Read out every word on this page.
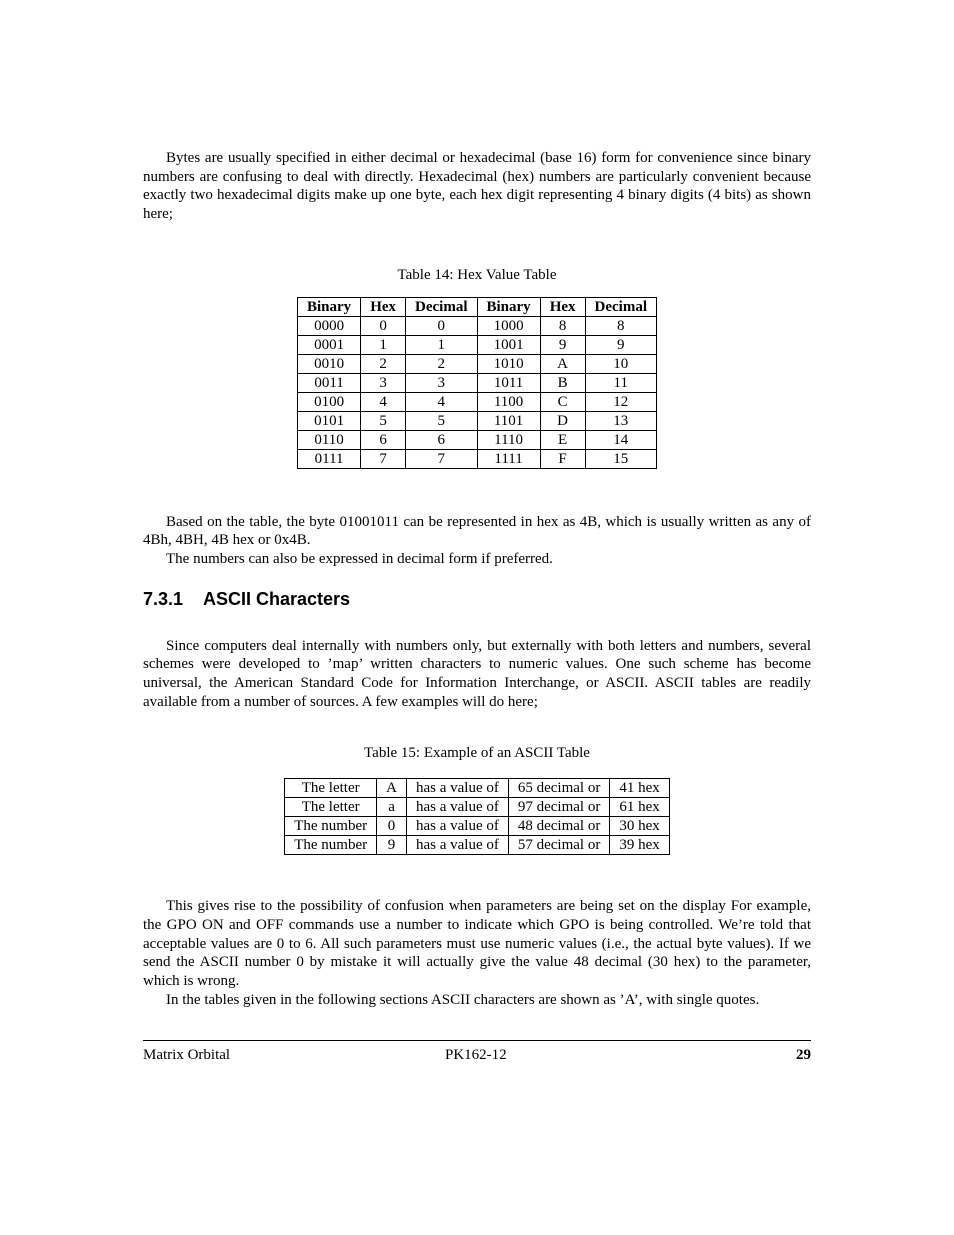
Bytes are usually specified in either decimal or hexadecimal (base 16) form for convenience since binary numbers are confusing to deal with directly. Hexadecimal (hex) numbers are particularly convenient because exactly two hexadecimal digits make up one byte, each hex digit representing 4 binary digits (4 bits) as shown here;

Table 14: Hex Value Table
Binary	Hex	Decimal	Binary	Hex	Decimal
0000	0	0	1000	8	8
0001	1	1	1001	9	9
0010	2	2	1010	A	10
0011	3	3	1011	B	11
0100	4	4	1100	C	12
0101	5	5	1101	D	13
0110	6	6	1110	E	14
0111	7	7	1111	F	15

Based on the table, the byte 01001011 can be represented in hex as 4B, which is usually written as any of 4Bh, 4BH, 4B hex or 0x4B.

The numbers can also be expressed in decimal form if preferred.

7.3.1 ASCII Characters

Since computers deal internally with numbers only, but externally with both letters and numbers, several schemes were developed to ’map’ written characters to numeric values. One such scheme has become universal, the American Standard Code for Information Interchange, or ASCII. ASCII tables are readily available from a number of sources. A few examples will do here;

Table 15: Example of an ASCII Table
The letter	A	has a value of	65 decimal or	41 hex
The letter	a	has a value of	97 decimal or	61 hex
The number	0	has a value of	48 decimal or	30 hex
The number	9	has a value of	57 decimal or	39 hex

This gives rise to the possibility of confusion when parameters are being set on the display For example, the GPO ON and OFF commands use a number to indicate which GPO is being controlled. We’re told that acceptable values are 0 to 6. All such parameters must use numeric values (i.e., the actual byte values). If we send the ASCII number 0 by mistake it will actually give the value 48 decimal (30 hex) to the parameter, which is wrong.

In the tables given in the following sections ASCII characters are shown as ’A’, with single quotes.

Matrix Orbital	PK162-12	29
